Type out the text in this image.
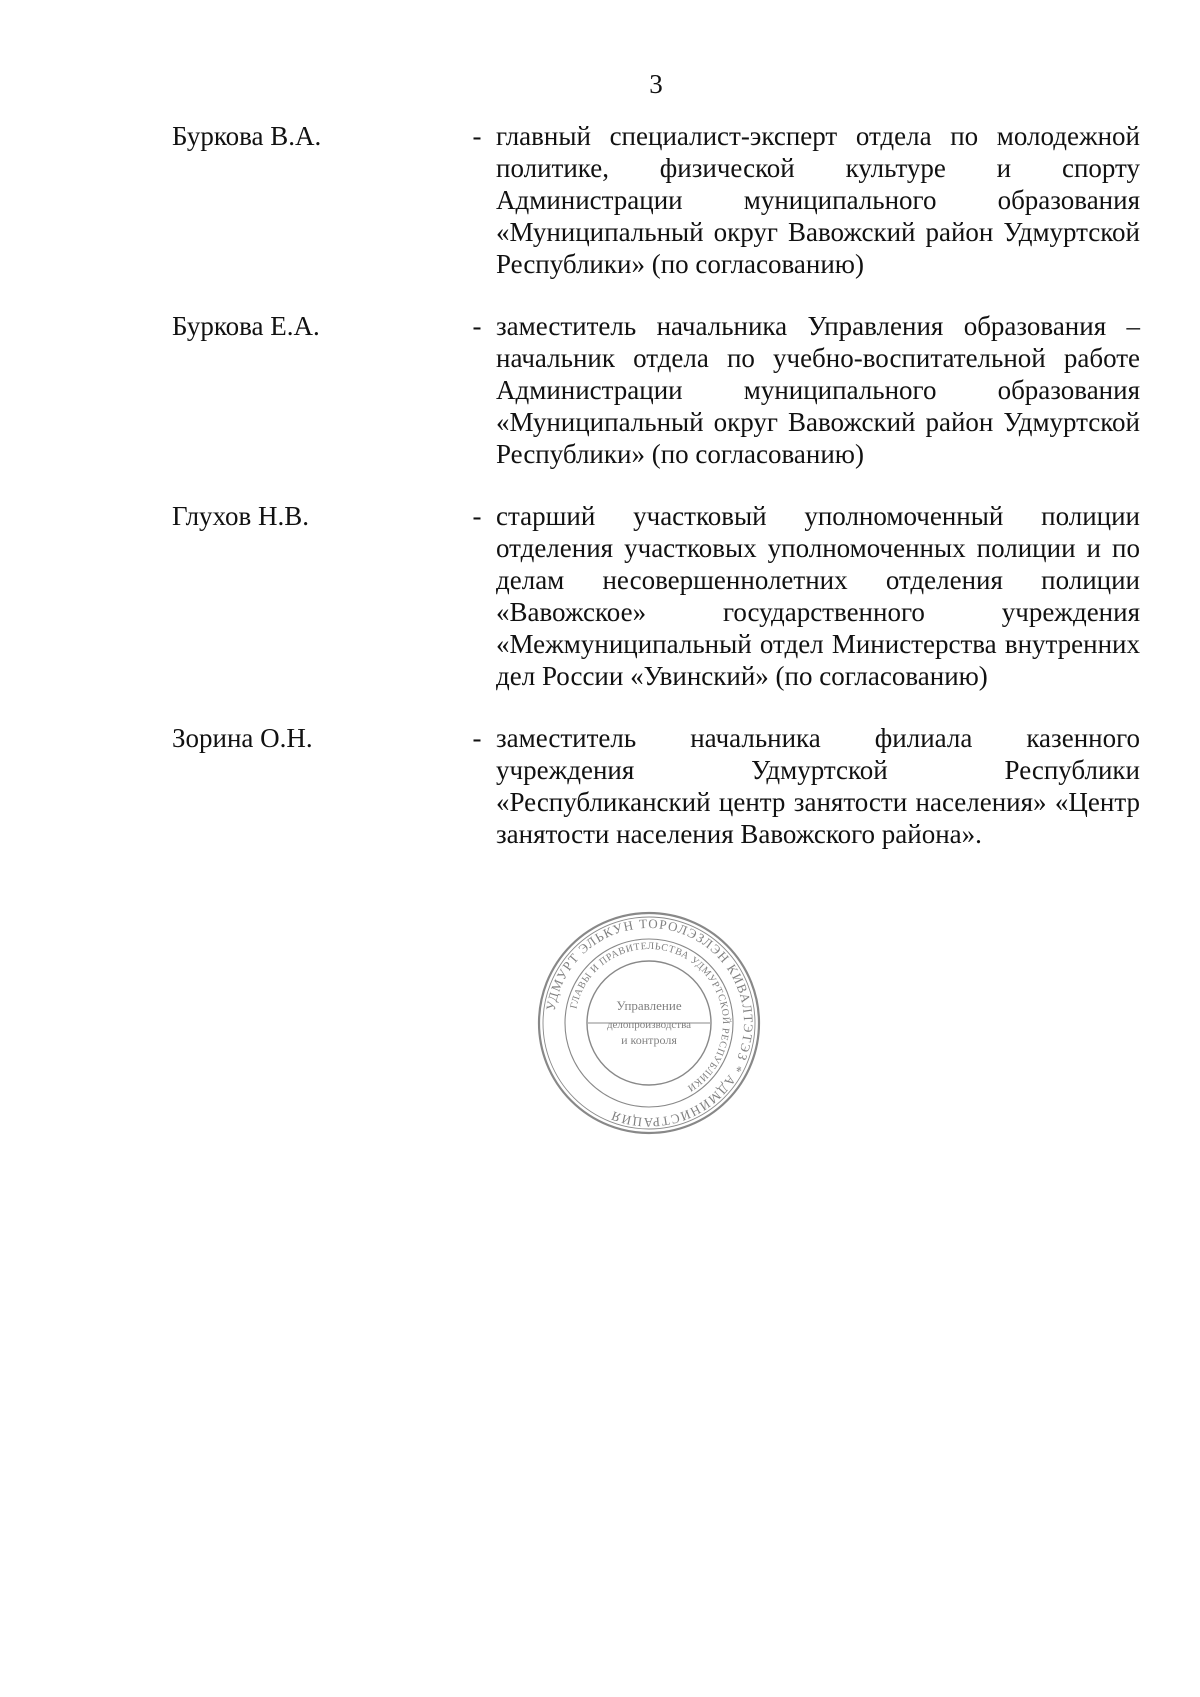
3
Буркова В.А.	- главный специалист-эксперт отдела по молодежной политике, физической культуре и спорту Администрации муниципального образования «Муниципальный округ Вавожский район Удмуртской Республики» (по согласованию)
Буркова Е.А.	- заместитель начальника Управления образования – начальник отдела по учебно-воспитательной работе Администрации муниципального образования «Муниципальный округ Вавожский район Удмуртской Республики» (по согласованию)
Глухов Н.В.	- старший участковый уполномоченный полиции отделения участковых уполномоченных полиции и по делам несовершеннолетних отделения полиции «Вавожское» государственного учреждения «Межмуниципальный отдел Министерства внутренних дел России «Увинский» (по согласованию)
Зорина О.Н.	- заместитель начальника филиала казенного учреждения Удмуртской Республики «Республиканский центр занятости населения» «Центр занятости населения Вавожского района».
УДМУРТ ЭЛЬКУН ТОРОЛЭЗЛЭН КИВАЛТЭТЭЗ * АДМИНИСТРАЦИЯ
ГЛАВЫ И ПРАВИТЕЛЬСТВА УДМУРТСКОЙ РЕСПУБЛИКИ
Управление
делопроизводства
и контроля
